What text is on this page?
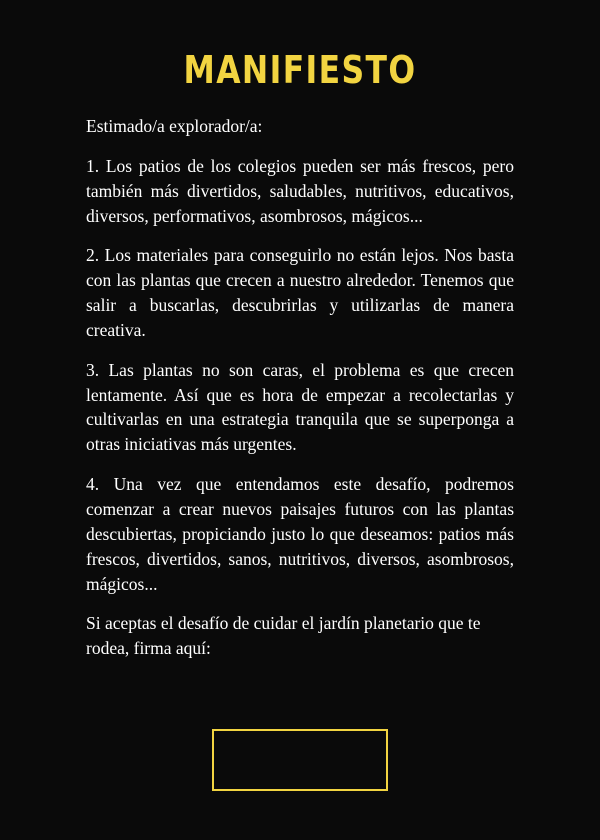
MANIFIESTO

Estimado/a explorador/a:

1. Los patios de los colegios pueden ser más frescos, pero también más divertidos, saludables, nutritivos, educativos, diversos, performativos, asombrosos, mágicos...

2. Los materiales para conseguirlo no están lejos. Nos basta con las plantas que crecen a nuestro alrededor. Tenemos que salir a buscarlas, descubrirlas y utilizarlas de manera creativa.

3. Las plantas no son caras, el problema es que crecen lentamente. Así que es hora de empezar a recolectarlas y cultivarlas en una estrategia tranquila que se superponga a otras iniciativas más urgentes.

4. Una vez que entendamos este desafío, podremos comenzar a crear nuevos paisajes futuros con las plantas descubiertas, propiciando justo lo que deseamos: patios más frescos, divertidos, sanos, nutritivos, diversos, asombrosos, mágicos...

Si aceptas el desafío de cuidar el jardín planetario que te rodea, firma aquí:
